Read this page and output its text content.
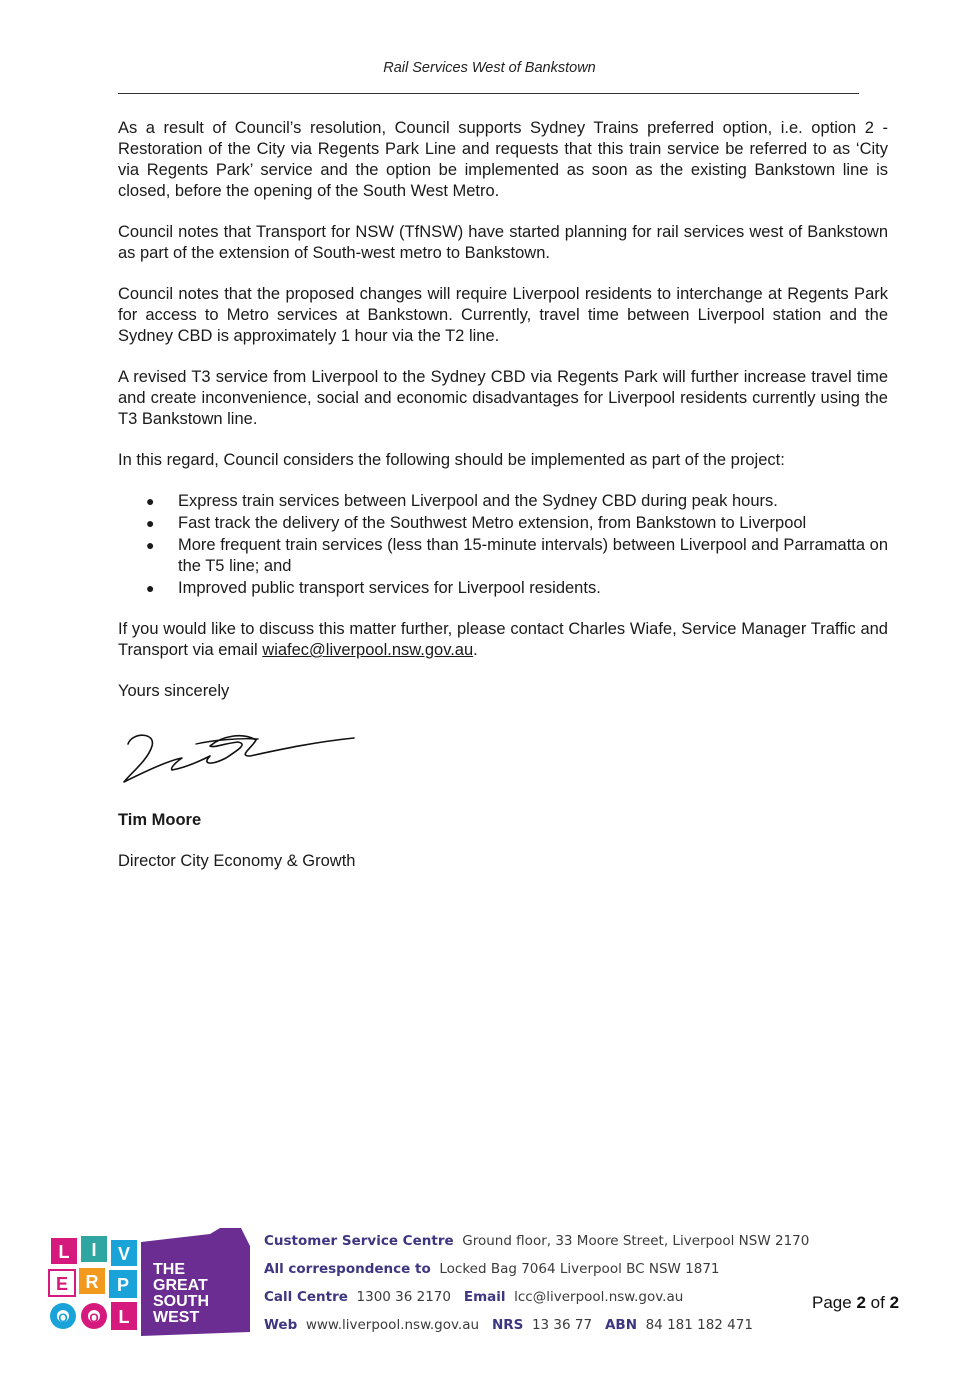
Rail Services West of Bankstown

As a result of Council’s resolution, Council supports Sydney Trains preferred option, i.e. option 2 - Restoration of the City via Regents Park Line and requests that this train service be referred to as ‘City via Regents Park’ service and the option be implemented as soon as the existing Bankstown line is closed, before the opening of the South West Metro.

Council notes that Transport for NSW (TfNSW) have started planning for rail services west of Bankstown as part of the extension of South-west metro to Bankstown.

Council notes that the proposed changes will require Liverpool residents to interchange at Regents Park for access to Metro services at Bankstown. Currently, travel time between Liverpool station and the Sydney CBD is approximately 1 hour via the T2 line.

A revised T3 service from Liverpool to the Sydney CBD via Regents Park will further increase travel time and create inconvenience, social and economic disadvantages for Liverpool residents currently using the T3 Bankstown line.

In this regard, Council considers the following should be implemented as part of the project:

● Express train services between Liverpool and the Sydney CBD during peak hours.
● Fast track the delivery of the Southwest Metro extension, from Bankstown to Liverpool
● More frequent train services (less than 15-minute intervals) between Liverpool and Parramatta on the T5 line; and
● Improved public transport services for Liverpool residents.

If you would like to discuss this matter further, please contact Charles Wiafe, Service Manager Traffic and Transport via email wiafec@liverpool.nsw.gov.au.

Yours sincerely

Tim Moore

Director City Economy & Growth

L I V
E R P
O O L
THE
GREAT
SOUTH
WEST
Customer Service Centre Ground floor, 33 Moore Street, Liverpool NSW 2170
All correspondence to Locked Bag 7064 Liverpool BC NSW 1871
Call Centre 1300 36 2170 Email lcc@liverpool.nsw.gov.au
Web www.liverpool.nsw.gov.au NRS 13 36 77 ABN 84 181 182 471
Page 2 of 2
